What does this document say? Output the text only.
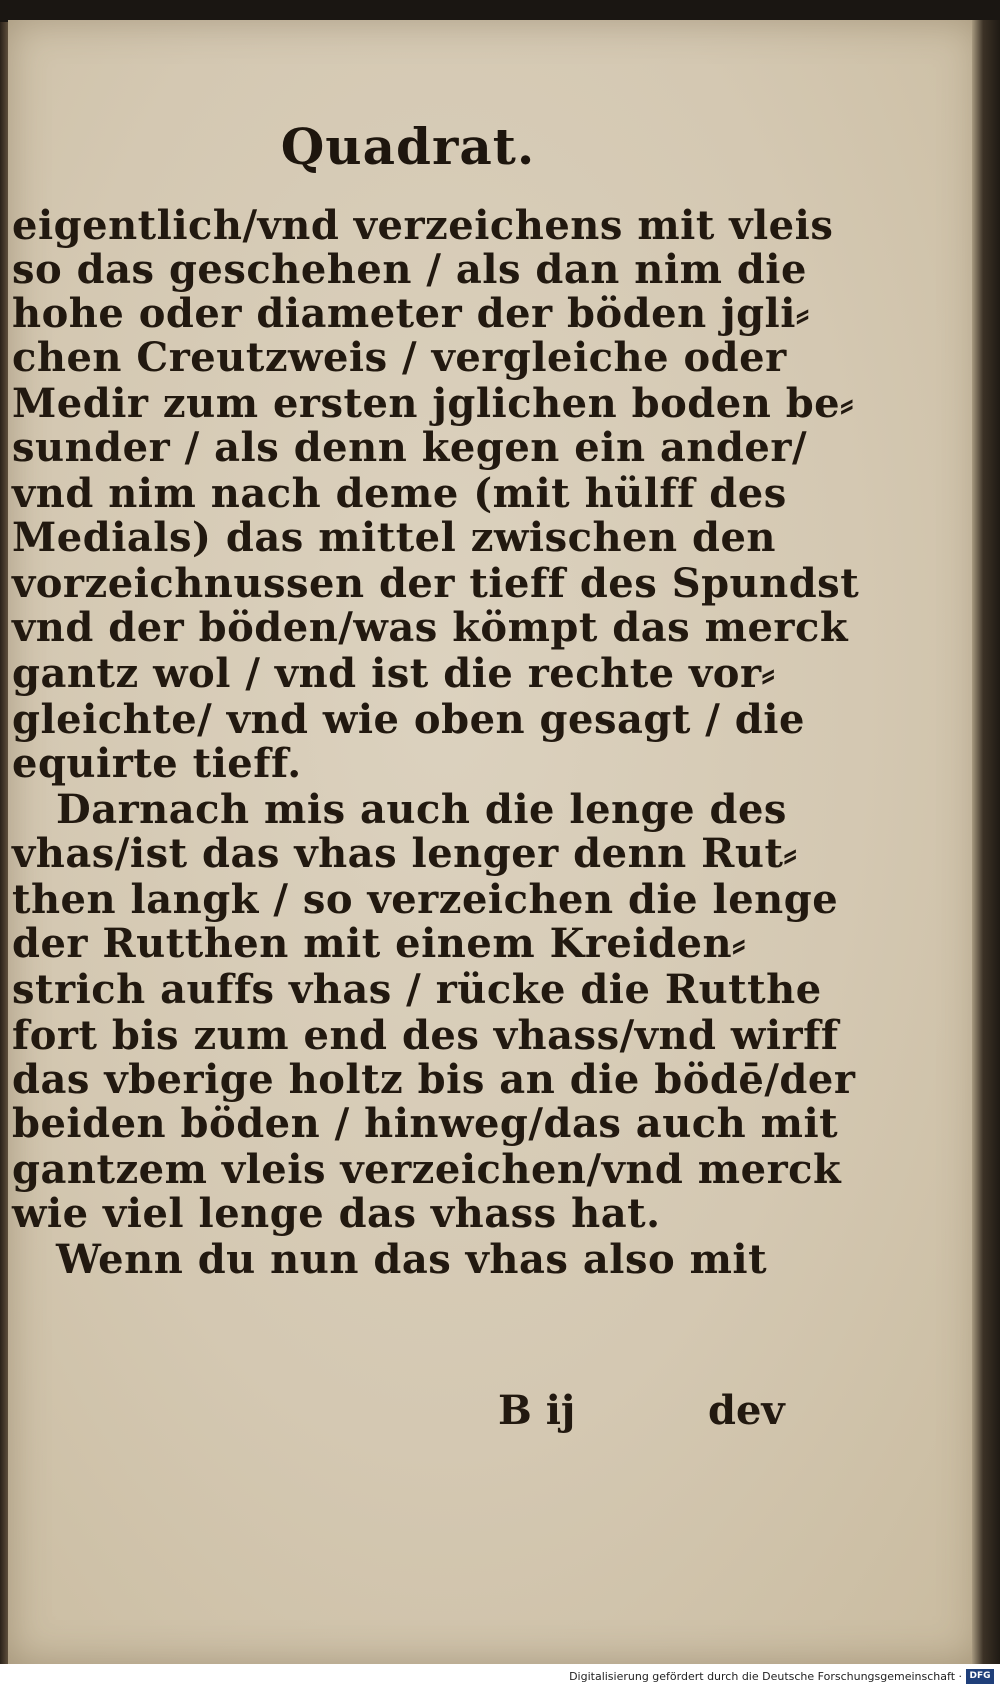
Quadrat.
eigentlich/vnd verzeichens mit vleis
so das geschehen / als dan nim die
hohe oder diameter der böden jgli⸗
chen Creutzweis / vergleiche oder
Medir zum ersten jglichen boden be⸗
sunder / als denn kegen ein ander/
vnd nim nach deme (mit hülff des
Medials) das mittel zwischen den
vorzeichnussen der tieff des Spundst
vnd der böden/was kömpt das merck
gantz wol / vnd ist die rechte vor⸗
gleichte/ vnd wie oben gesagt / die
equirte tieff.
Darnach mis auch die lenge des
vhas/ist das vhas lenger denn Rut⸗
then langk / so verzeichen die lenge
der Rutthen mit einem Kreiden⸗
strich auffs vhas / rücke die Rutthe
fort bis zum end des vhass/vnd wirff
das vberige holtz bis an die bödē/der
beiden böden / hinweg/das auch mit
gantzem vleis verzeichen/vnd merck
wie viel lenge das vhass hat.
Wenn du nun das vhas also mit
B ij	dev
Digitalisierung gefördert durch die Deutsche Forschungsgemeinschaft · DFG
